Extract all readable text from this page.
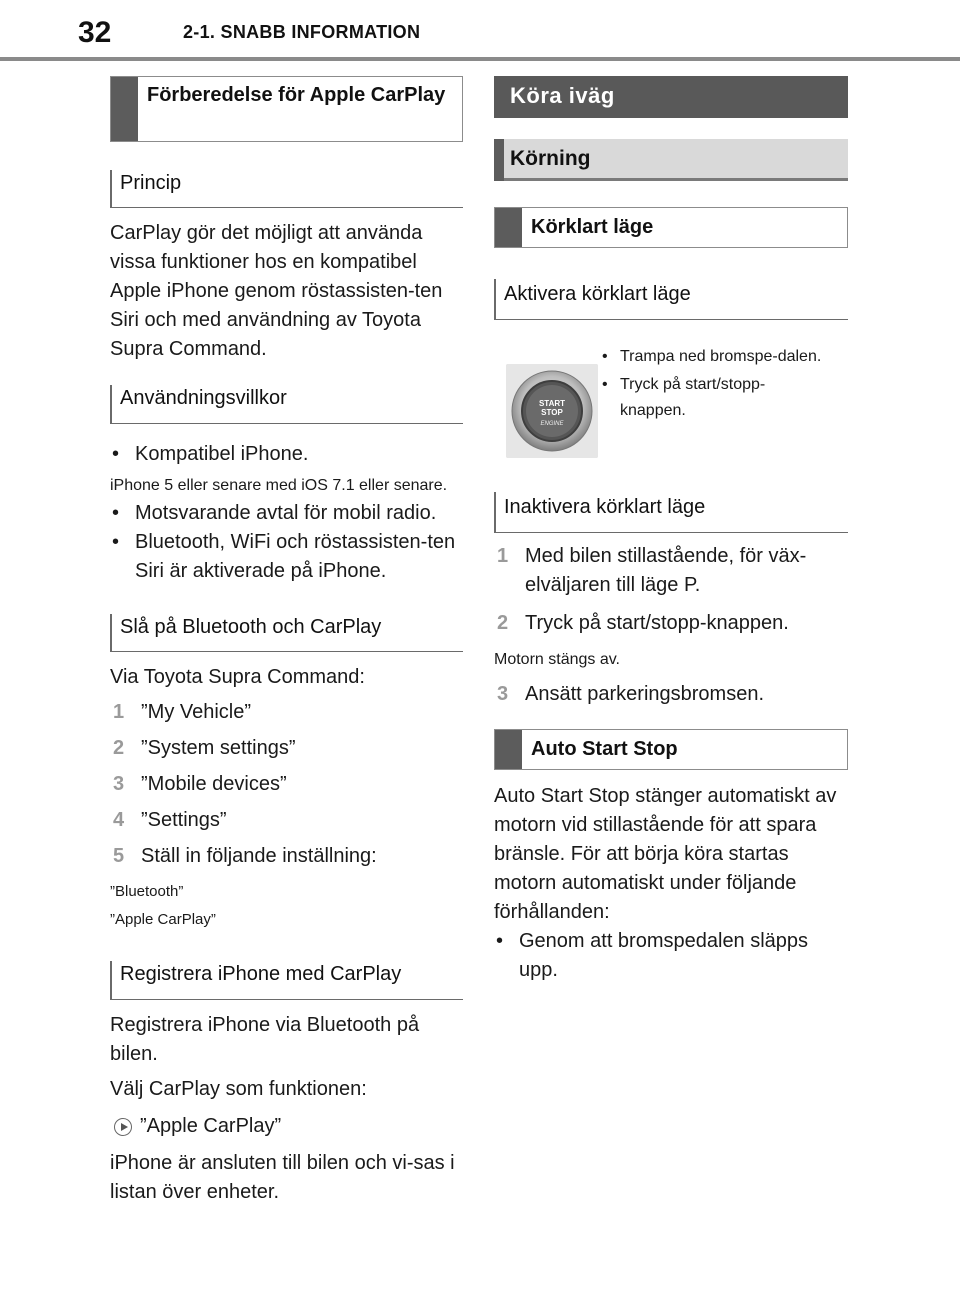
32	2-1. SNABB INFORMATION
Förberedelse för Apple CarPlay
Princip
CarPlay gör det möjligt att använda vissa funktioner hos en kompatibel Apple iPhone genom röstassisten-ten Siri och med användning av Toyota Supra Command.
Användningsvillkor
• Kompatibel iPhone.
iPhone 5 eller senare med iOS 7.1 eller senare.
• Motsvarande avtal för mobil radio.
• Bluetooth, WiFi och röstassisten-ten Siri är aktiverade på iPhone.
Slå på Bluetooth och CarPlay
Via Toyota Supra Command:
1 ”My Vehicle”
2 ”System settings”
3 ”Mobile devices”
4 ”Settings”
5 Ställ in följande inställning:
”Bluetooth”
”Apple CarPlay”
Registrera iPhone med CarPlay
Registrera iPhone via Bluetooth på bilen.
Välj CarPlay som funktionen:
”Apple CarPlay”
iPhone är ansluten till bilen och vi-sas i listan över enheter.
Köra iväg
Körning
Körklart läge
Aktivera körklart läge
START
STOP
ENGINE
• Trampa ned bromspe-dalen.
• Tryck på start/stopp-knappen.
Inaktivera körklart läge
1 Med bilen stillastående, för väx-elväljaren till läge P.
2 Tryck på start/stopp-knappen.
Motorn stängs av.
3 Ansätt parkeringsbromsen.
Auto Start Stop
Auto Start Stop stänger automatiskt av motorn vid stillastående för att spara bränsle. För att börja köra startas motorn automatiskt under följande förhållanden:
• Genom att bromspedalen släpps upp.
